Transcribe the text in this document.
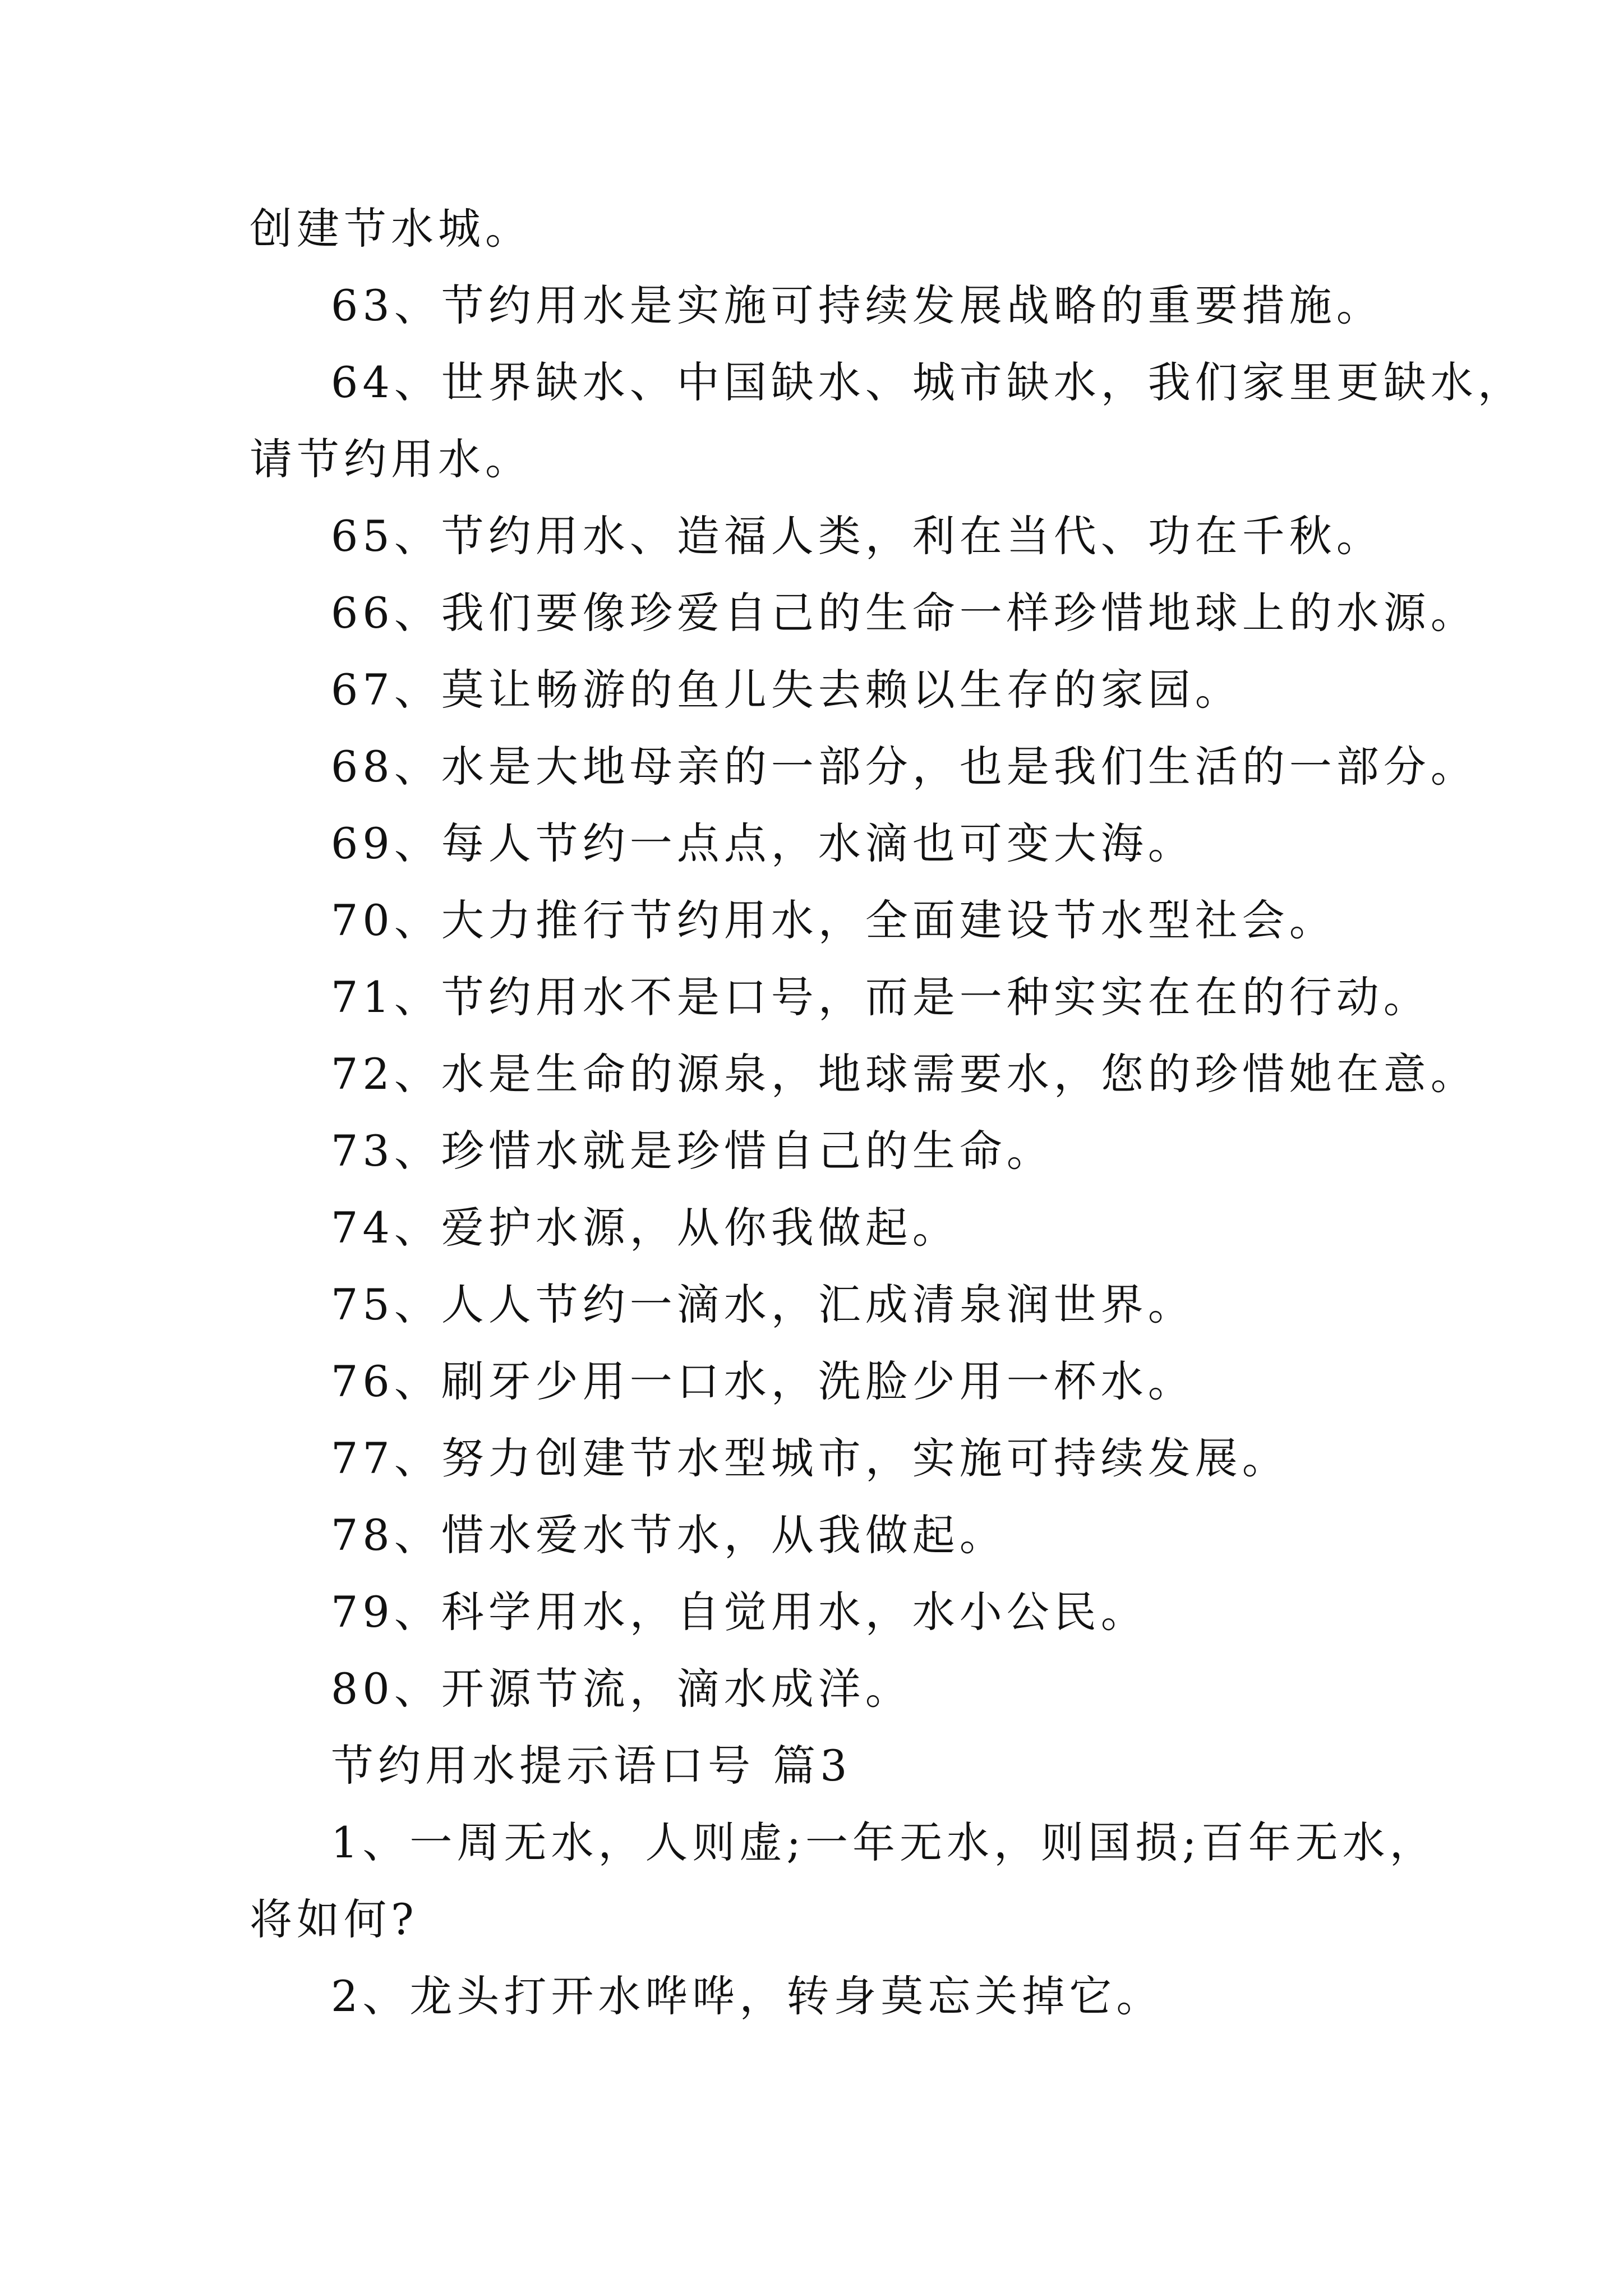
创建节水城。
63、节约用水是实施可持续发展战略的重要措施。
64、世界缺水、中国缺水、城市缺水，我们家里更缺水，
请节约用水。
65、节约用水、造福人类，利在当代、功在千秋。
66、我们要像珍爱自己的生命一样珍惜地球上的水源。
67、莫让畅游的鱼儿失去赖以生存的家园。
68、水是大地母亲的一部分，也是我们生活的一部分。
69、每人节约一点点，水滴也可变大海。
70、大力推行节约用水，全面建设节水型社会。
71、节约用水不是口号，而是一种实实在在的行动。
72、水是生命的源泉，地球需要水，您的珍惜她在意。
73、珍惜水就是珍惜自己的生命。
74、爱护水源，从你我做起。
75、人人节约一滴水，汇成清泉润世界。
76、刷牙少用一口水，洗脸少用一杯水。
77、努力创建节水型城市，实施可持续发展。
78、惜水爱水节水，从我做起。
79、科学用水，自觉用水，水小公民。
80、开源节流，滴水成洋。
节约用水提示语口号 篇3
1、一周无水，人则虚;一年无水，则国损;百年无水，
将如何?
2、龙头打开水哗哗，转身莫忘关掉它。
